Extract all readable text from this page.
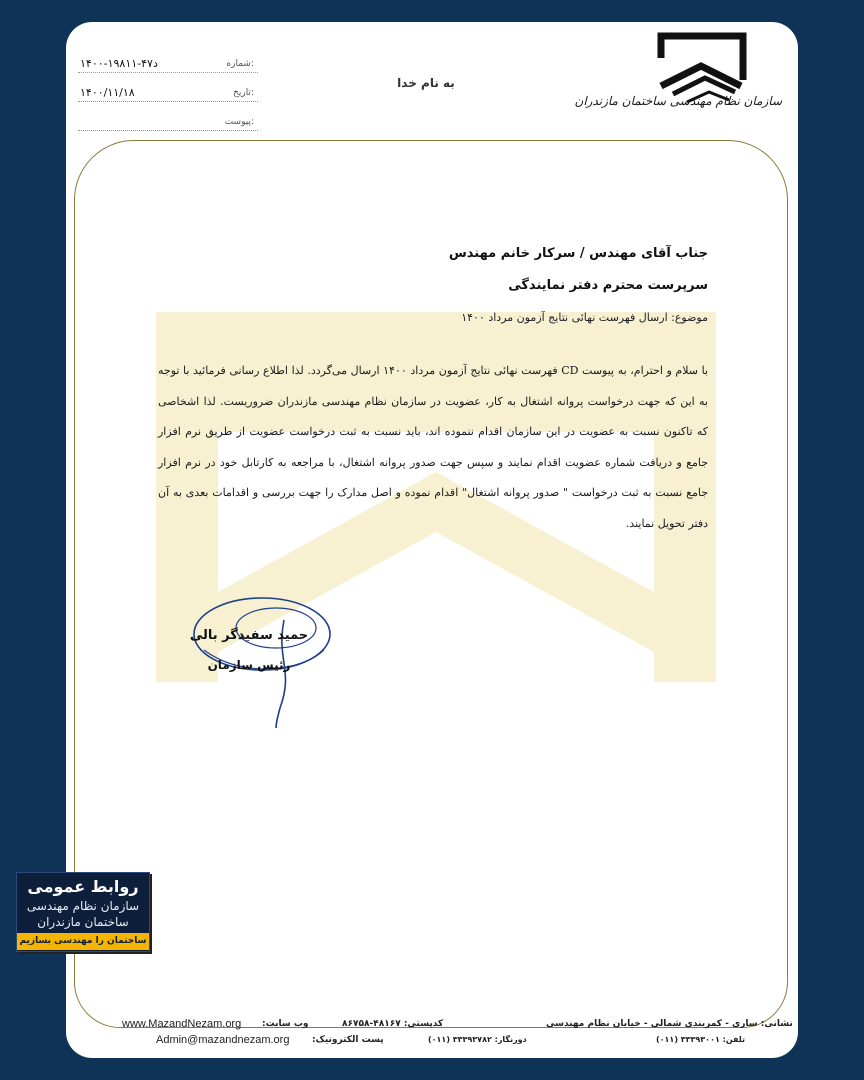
سازمان نظام مهندسی ساختمان مازندران
۱۴۰۰-د۴۷-۱۹۸۱۱	شماره:
۱۴۰۰/۱۱/۱۸	تاریخ:
پیوست:
به نام خدا
جناب آقای مهندس / سرکار خانم مهندس
سرپرست محترم دفتر نمایندگی
موضوع: ارسال فهرست نهائی نتایج آزمون مرداد ۱۴۰۰
با سلام و احترام، به پیوست CD فهرست نهائی نتایج آزمون مرداد ۱۴۰۰ ارسال می‌گردد. لذا اطلاع رسانی فرمائید با توجه به این که جهت درخواست پروانه اشتغال به کار، عضویت در سازمان نظام مهندسی مازندران ضروریست. لذا اشخاصی که تاکنون نسبت به عضویت در این سازمان اقدام ننموده اند، باید نسبت به ثبت درخواست عضویت از طریق نرم افزار جامع و دریافت شماره عضویت اقدام نمایند و سپس جهت صدور پروانه اشتغال، با مراجعه به کارتابل خود در نرم افزار جامع نسبت به ثبت درخواست " صدور پروانه اشتغال" اقدام نموده و اصل مدارک را جهت بررسی و اقدامات بعدی به آن دفتر تحویل نمایند.
حمید سفیدگر بالی
رئیس سازمان
www.MazandNezam.org وب سایت:
Admin@mazandnezam.org	پست الکترونیک:
کدپستی: ۴۸۱۶۷-۸۶۷۵۸
دورنگار: ۳۳۳۹۳۷۸۲ (۰۱۱)
نشانی: ساری - کمربندی شمالی - خیابان نظام مهندسی
تلفن: ۳۳۳۹۳۰۰۱ (۰۱۱)
روابط عمومی
سازمان نظام مهندسی
ساختمان مازندران
ساختمان را مهندسی بسازیم
